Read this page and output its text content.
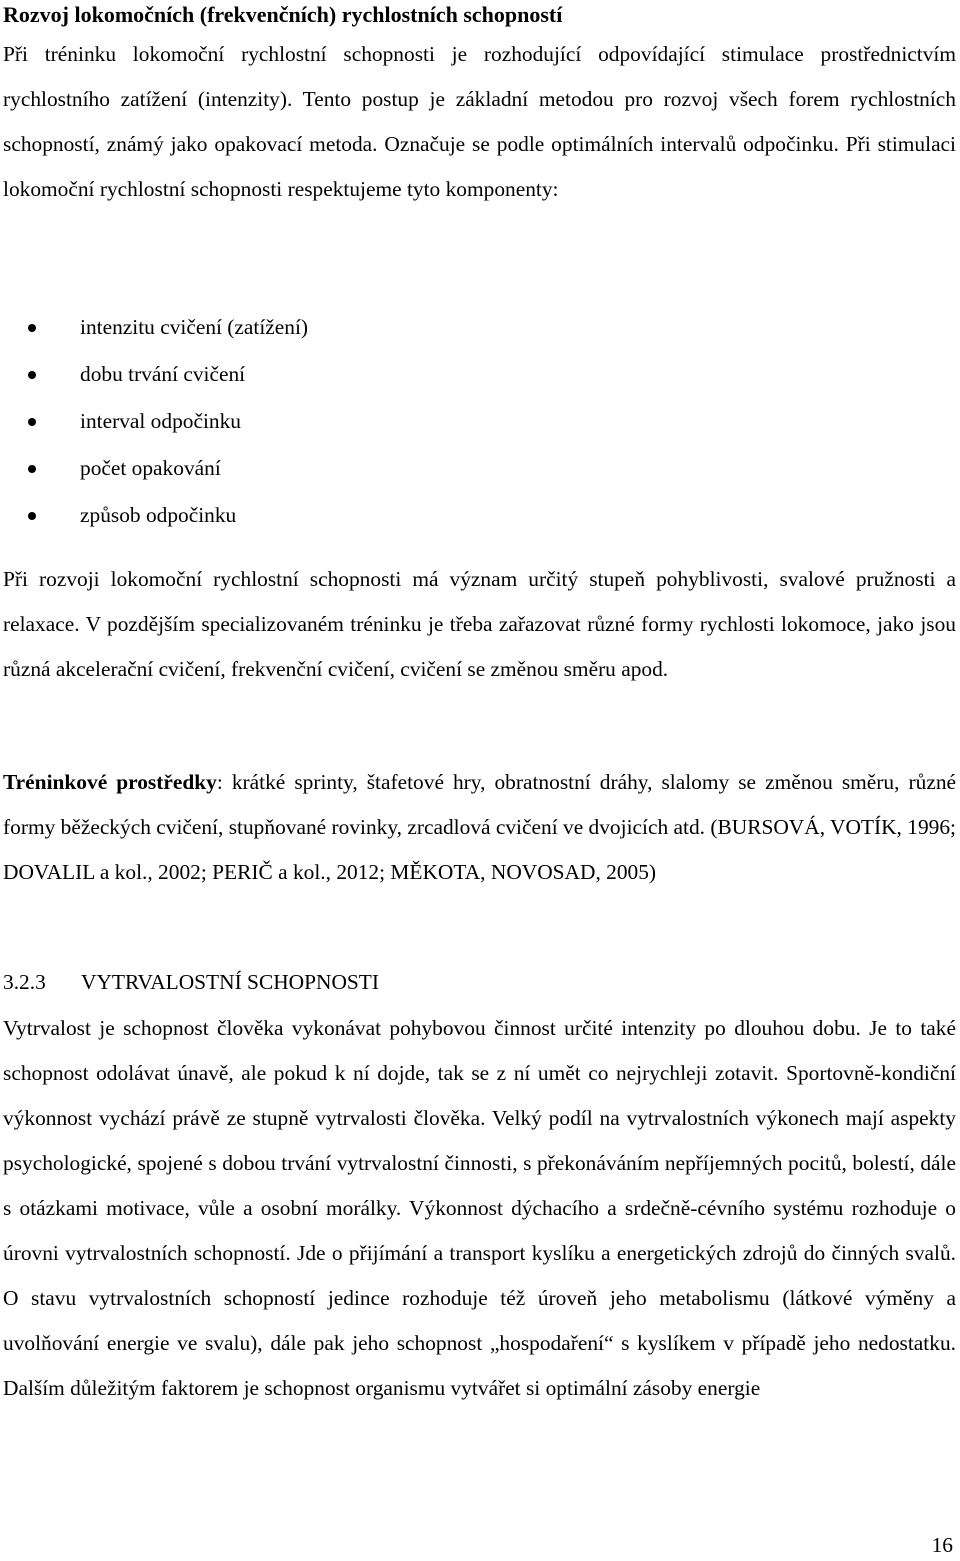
Rozvoj lokomočních (frekvenčních) rychlostních schopností

Při tréninku lokomoční rychlostní schopnosti je rozhodující odpovídající stimulace prostřednictvím rychlostního zatížení (intenzity). Tento postup je základní metodou pro rozvoj všech forem rychlostních schopností, známý jako opakovací metoda. Označuje se podle optimálních intervalů odpočinku. Při stimulaci lokomoční rychlostní schopnosti respektujeme tyto komponenty:

intenzitu cvičení (zatížení)
dobu trvání cvičení
interval odpočinku
počet opakování
způsob odpočinku

Při rozvoji lokomoční rychlostní schopnosti má význam určitý stupeň pohyblivosti, svalové pružnosti a relaxace. V pozdějším specializovaném tréninku je třeba zařazovat různé formy rychlosti lokomoce, jako jsou různá akcelerační cvičení, frekvenční cvičení, cvičení se změnou směru apod.

Tréninkové prostředky: krátké sprinty, štafetové hry, obratnostní dráhy, slalomy se změnou směru, různé formy běžeckých cvičení, stupňované rovinky, zrcadlová cvičení ve dvojicích atd. (BURSOVÁ, VOTÍK, 1996; DOVALIL a kol., 2002; PERIČ a kol., 2012; MĚKOTA, NOVOSAD, 2005)

3.2.3 VYTRVALOSTNÍ SCHOPNOSTI

Vytrvalost je schopnost člověka vykonávat pohybovou činnost určité intenzity po dlouhou dobu. Je to také schopnost odolávat únavě, ale pokud k ní dojde, tak se z ní umět co nejrychleji zotavit. Sportovně-kondiční výkonnost vychází právě ze stupně vytrvalosti člověka. Velký podíl na vytrvalostních výkonech mají aspekty psychologické, spojené s dobou trvání vytrvalostní činnosti, s překonáváním nepříjemných pocitů, bolestí, dále s otázkami motivace, vůle a osobní morálky. Výkonnost dýchacího a srdečně-cévního systému rozhoduje o úrovni vytrvalostních schopností. Jde o přijímání a transport kyslíku a energetických zdrojů do činných svalů. O stavu vytrvalostních schopností jedince rozhoduje též úroveň jeho metabolismu (látkové výměny a uvolňování energie ve svalu), dále pak jeho schopnost „hospodaření“ s kyslíkem v případě jeho nedostatku. Dalším důležitým faktorem je schopnost organismu vytvářet si optimální zásoby energie

16
